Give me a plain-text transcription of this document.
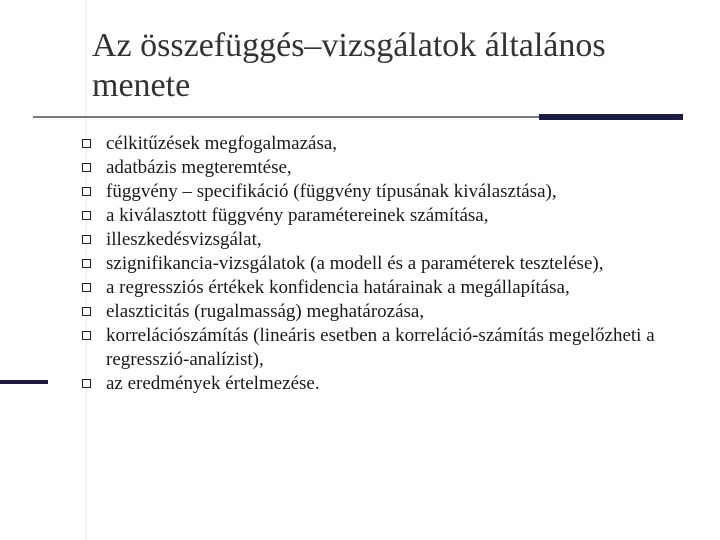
Az összefüggés–vizsgálatok általános menete
célkitűzések megfogalmazása,
adatbázis megteremtése,
függvény – specifikáció (függvény típusának kiválasztása),
a kiválasztott függvény paramétereinek számítása,
illeszkedésvizsgálat,
szignifikancia-vizsgálatok (a modell és a paraméterek tesztelése),
a regressziós értékek konfidencia határainak a megállapítása,
elaszticitás (rugalmasság) meghatározása,
korrelációszámítás (lineáris esetben a korreláció-számítás megelőzheti a regresszió-analízist),
az eredmények értelmezése.
